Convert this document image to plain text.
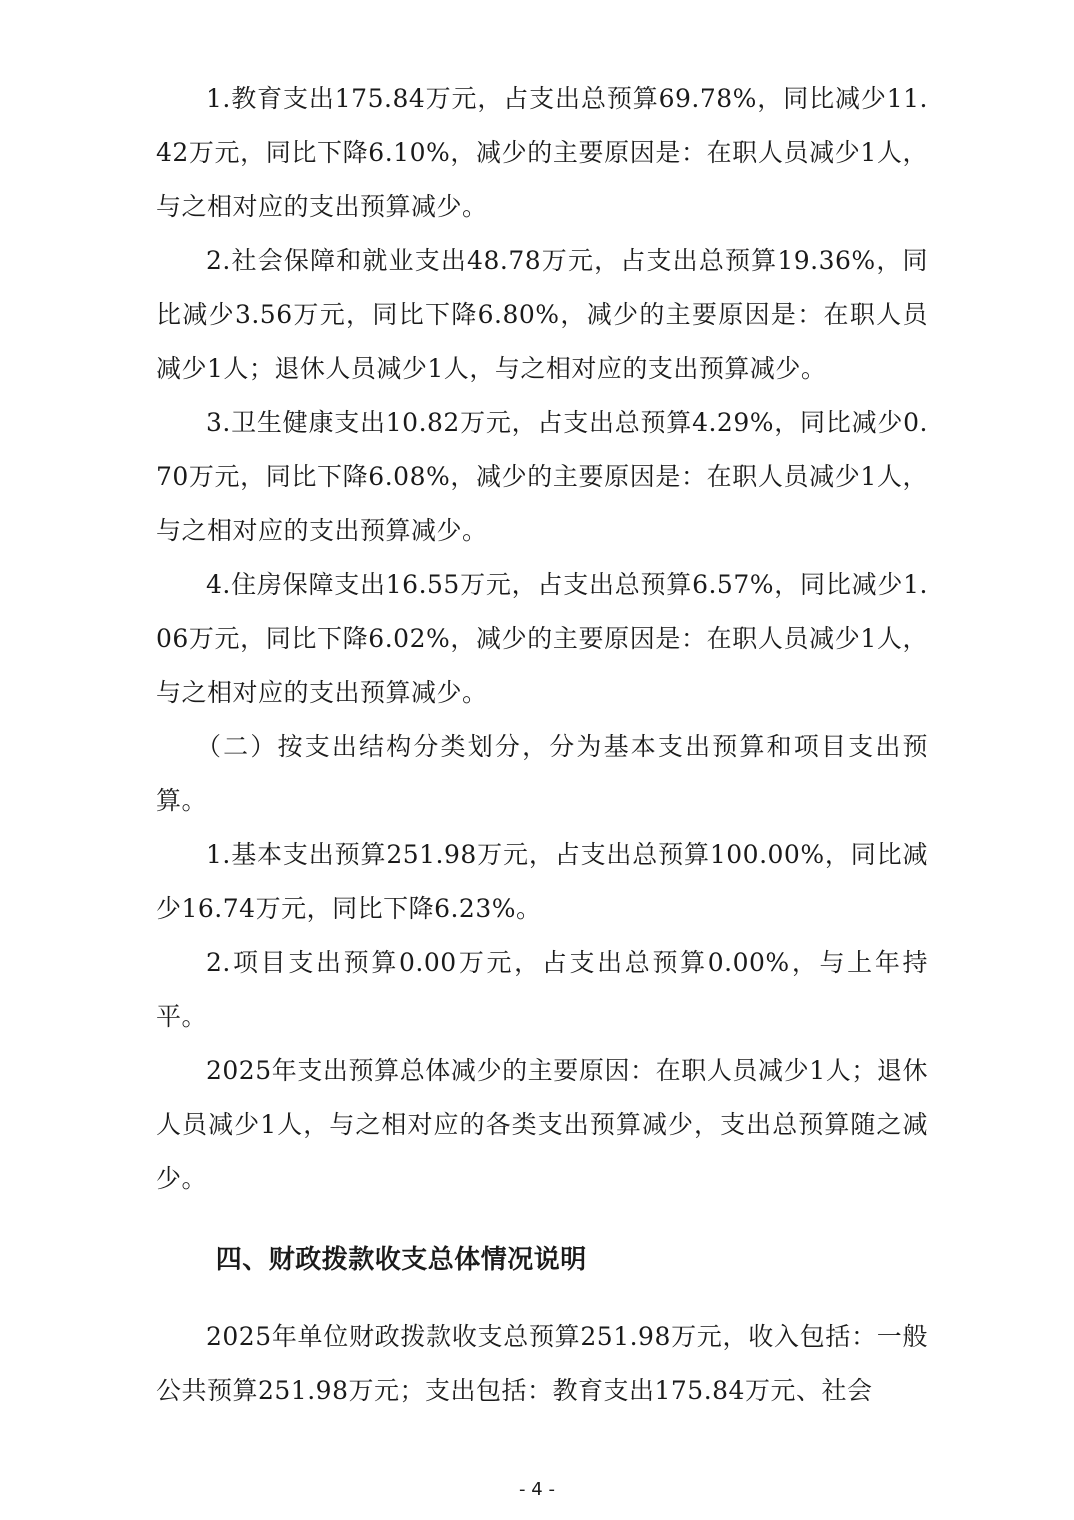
1.教育支出175.84万元，占支出总预算69.78%，同比减少11.42万元，同比下降6.10%，减少的主要原因是：在职人员减少1人，与之相对应的支出预算减少。

2.社会保障和就业支出48.78万元，占支出总预算19.36%，同比减少3.56万元，同比下降6.80%，减少的主要原因是：在职人员减少1人；退休人员减少1人，与之相对应的支出预算减少。

3.卫生健康支出10.82万元，占支出总预算4.29%，同比减少0.70万元，同比下降6.08%，减少的主要原因是：在职人员减少1人，与之相对应的支出预算减少。

4.住房保障支出16.55万元，占支出总预算6.57%，同比减少1.06万元，同比下降6.02%，减少的主要原因是：在职人员减少1人，与之相对应的支出预算减少。

（二）按支出结构分类划分，分为基本支出预算和项目支出预算。

1.基本支出预算251.98万元，占支出总预算100.00%，同比减少16.74万元，同比下降6.23%。

2.项目支出预算0.00万元，占支出总预算0.00%，与上年持平。

2025年支出预算总体减少的主要原因：在职人员减少1人；退休人员减少1人，与之相对应的各类支出预算减少，支出总预算随之减少。

四、财政拨款收支总体情况说明

2025年单位财政拨款收支总预算251.98万元，收入包括：一般公共预算251.98万元；支出包括：教育支出175.84万元、社会

- 4 -
